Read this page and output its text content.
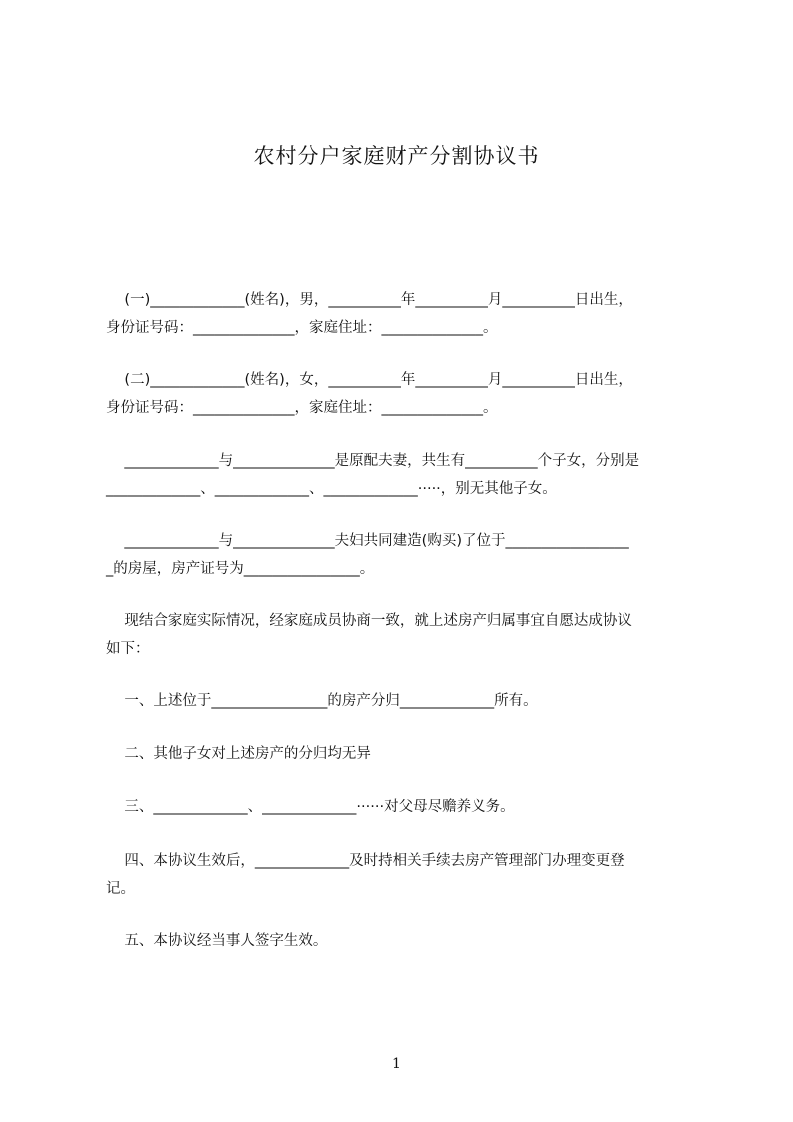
农村分户家庭财产分割协议书
(一)_____________(姓名)，男，__________年__________月__________日出生，
身份证号码：______________，家庭住址：______________。
(二)_____________(姓名)，女，__________年__________月__________日出生，
身份证号码：______________，家庭住址：______________。
_____________与______________是原配夫妻，共生有__________个子女，分别是
_____________、_____________、_____________·····，别无其他子女。
_____________与______________夫妇共同建造(购买)了位于_________________
_的房屋，房产证号为________________。
现结合家庭实际情况，经家庭成员协商一致，就上述房产归属事宜自愿达成协议
如下：
一、上述位于________________的房产分归_____________所有。
二、其他子女对上述房产的分归均无异
三、_____________、_____________······对父母尽赡养义务。
四、本协议生效后，_____________及时持相关手续去房产管理部门办理变更登
记。
五、本协议经当事人签字生效。
1
